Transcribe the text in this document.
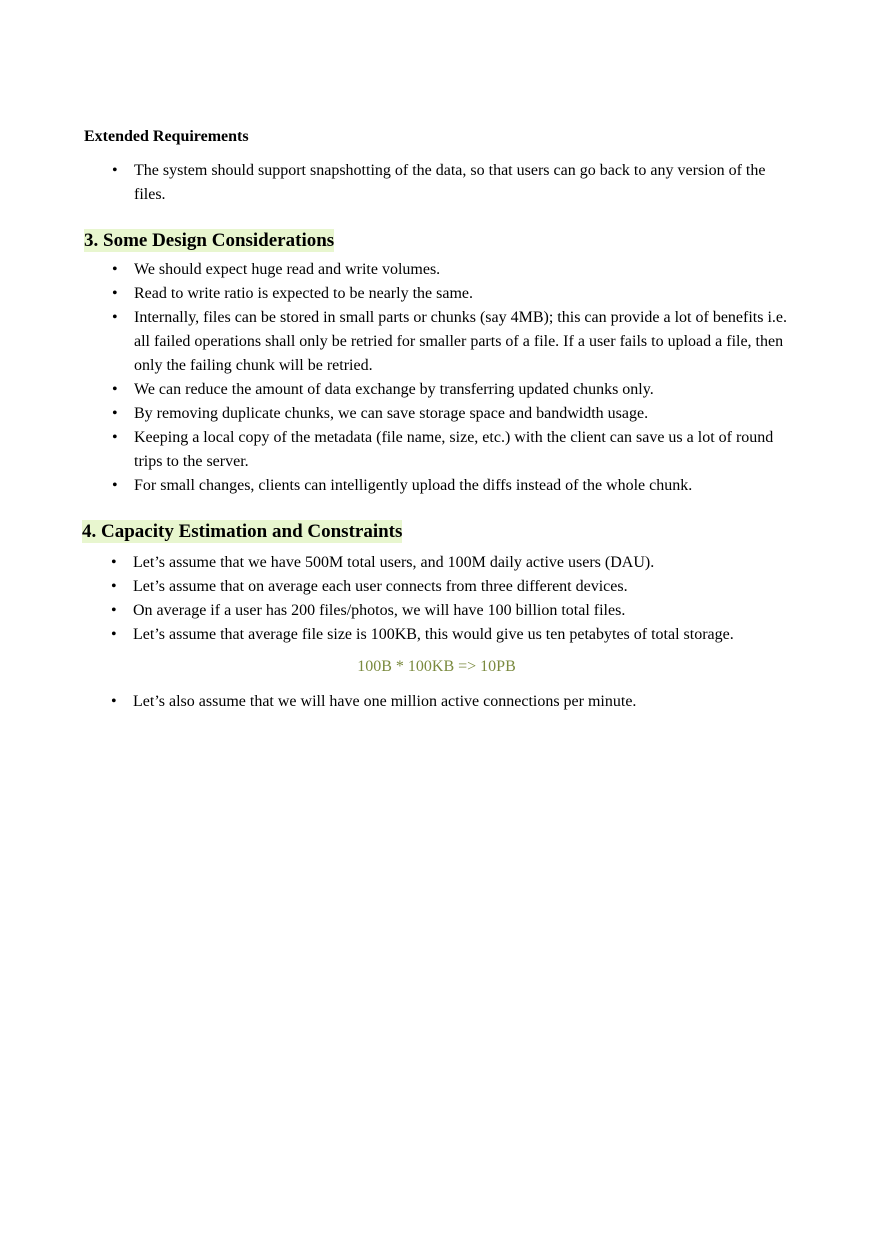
Extended Requirements
•	The system should support snapshotting of the data, so that users can go back to any version of the files.
3. Some Design Considerations
•	We should expect huge read and write volumes.
•	Read to write ratio is expected to be nearly the same.
•	Internally, files can be stored in small parts or chunks (say 4MB); this can provide a lot of benefits i.e. all failed operations shall only be retried for smaller parts of a file. If a user fails to upload a file, then only the failing chunk will be retried.
•	We can reduce the amount of data exchange by transferring updated chunks only.
•	By removing duplicate chunks, we can save storage space and bandwidth usage.
•	Keeping a local copy of the metadata (file name, size, etc.) with the client can save us a lot of round trips to the server.
•	For small changes, clients can intelligently upload the diffs instead of the whole chunk.
4. Capacity Estimation and Constraints
•	Let’s assume that we have 500M total users, and 100M daily active users (DAU).
•	Let’s assume that on average each user connects from three different devices.
•	On average if a user has 200 files/photos, we will have 100 billion total files.
•	Let’s assume that average file size is 100KB, this would give us ten petabytes of total storage.
100B * 100KB => 10PB
•	Let’s also assume that we will have one million active connections per minute.
